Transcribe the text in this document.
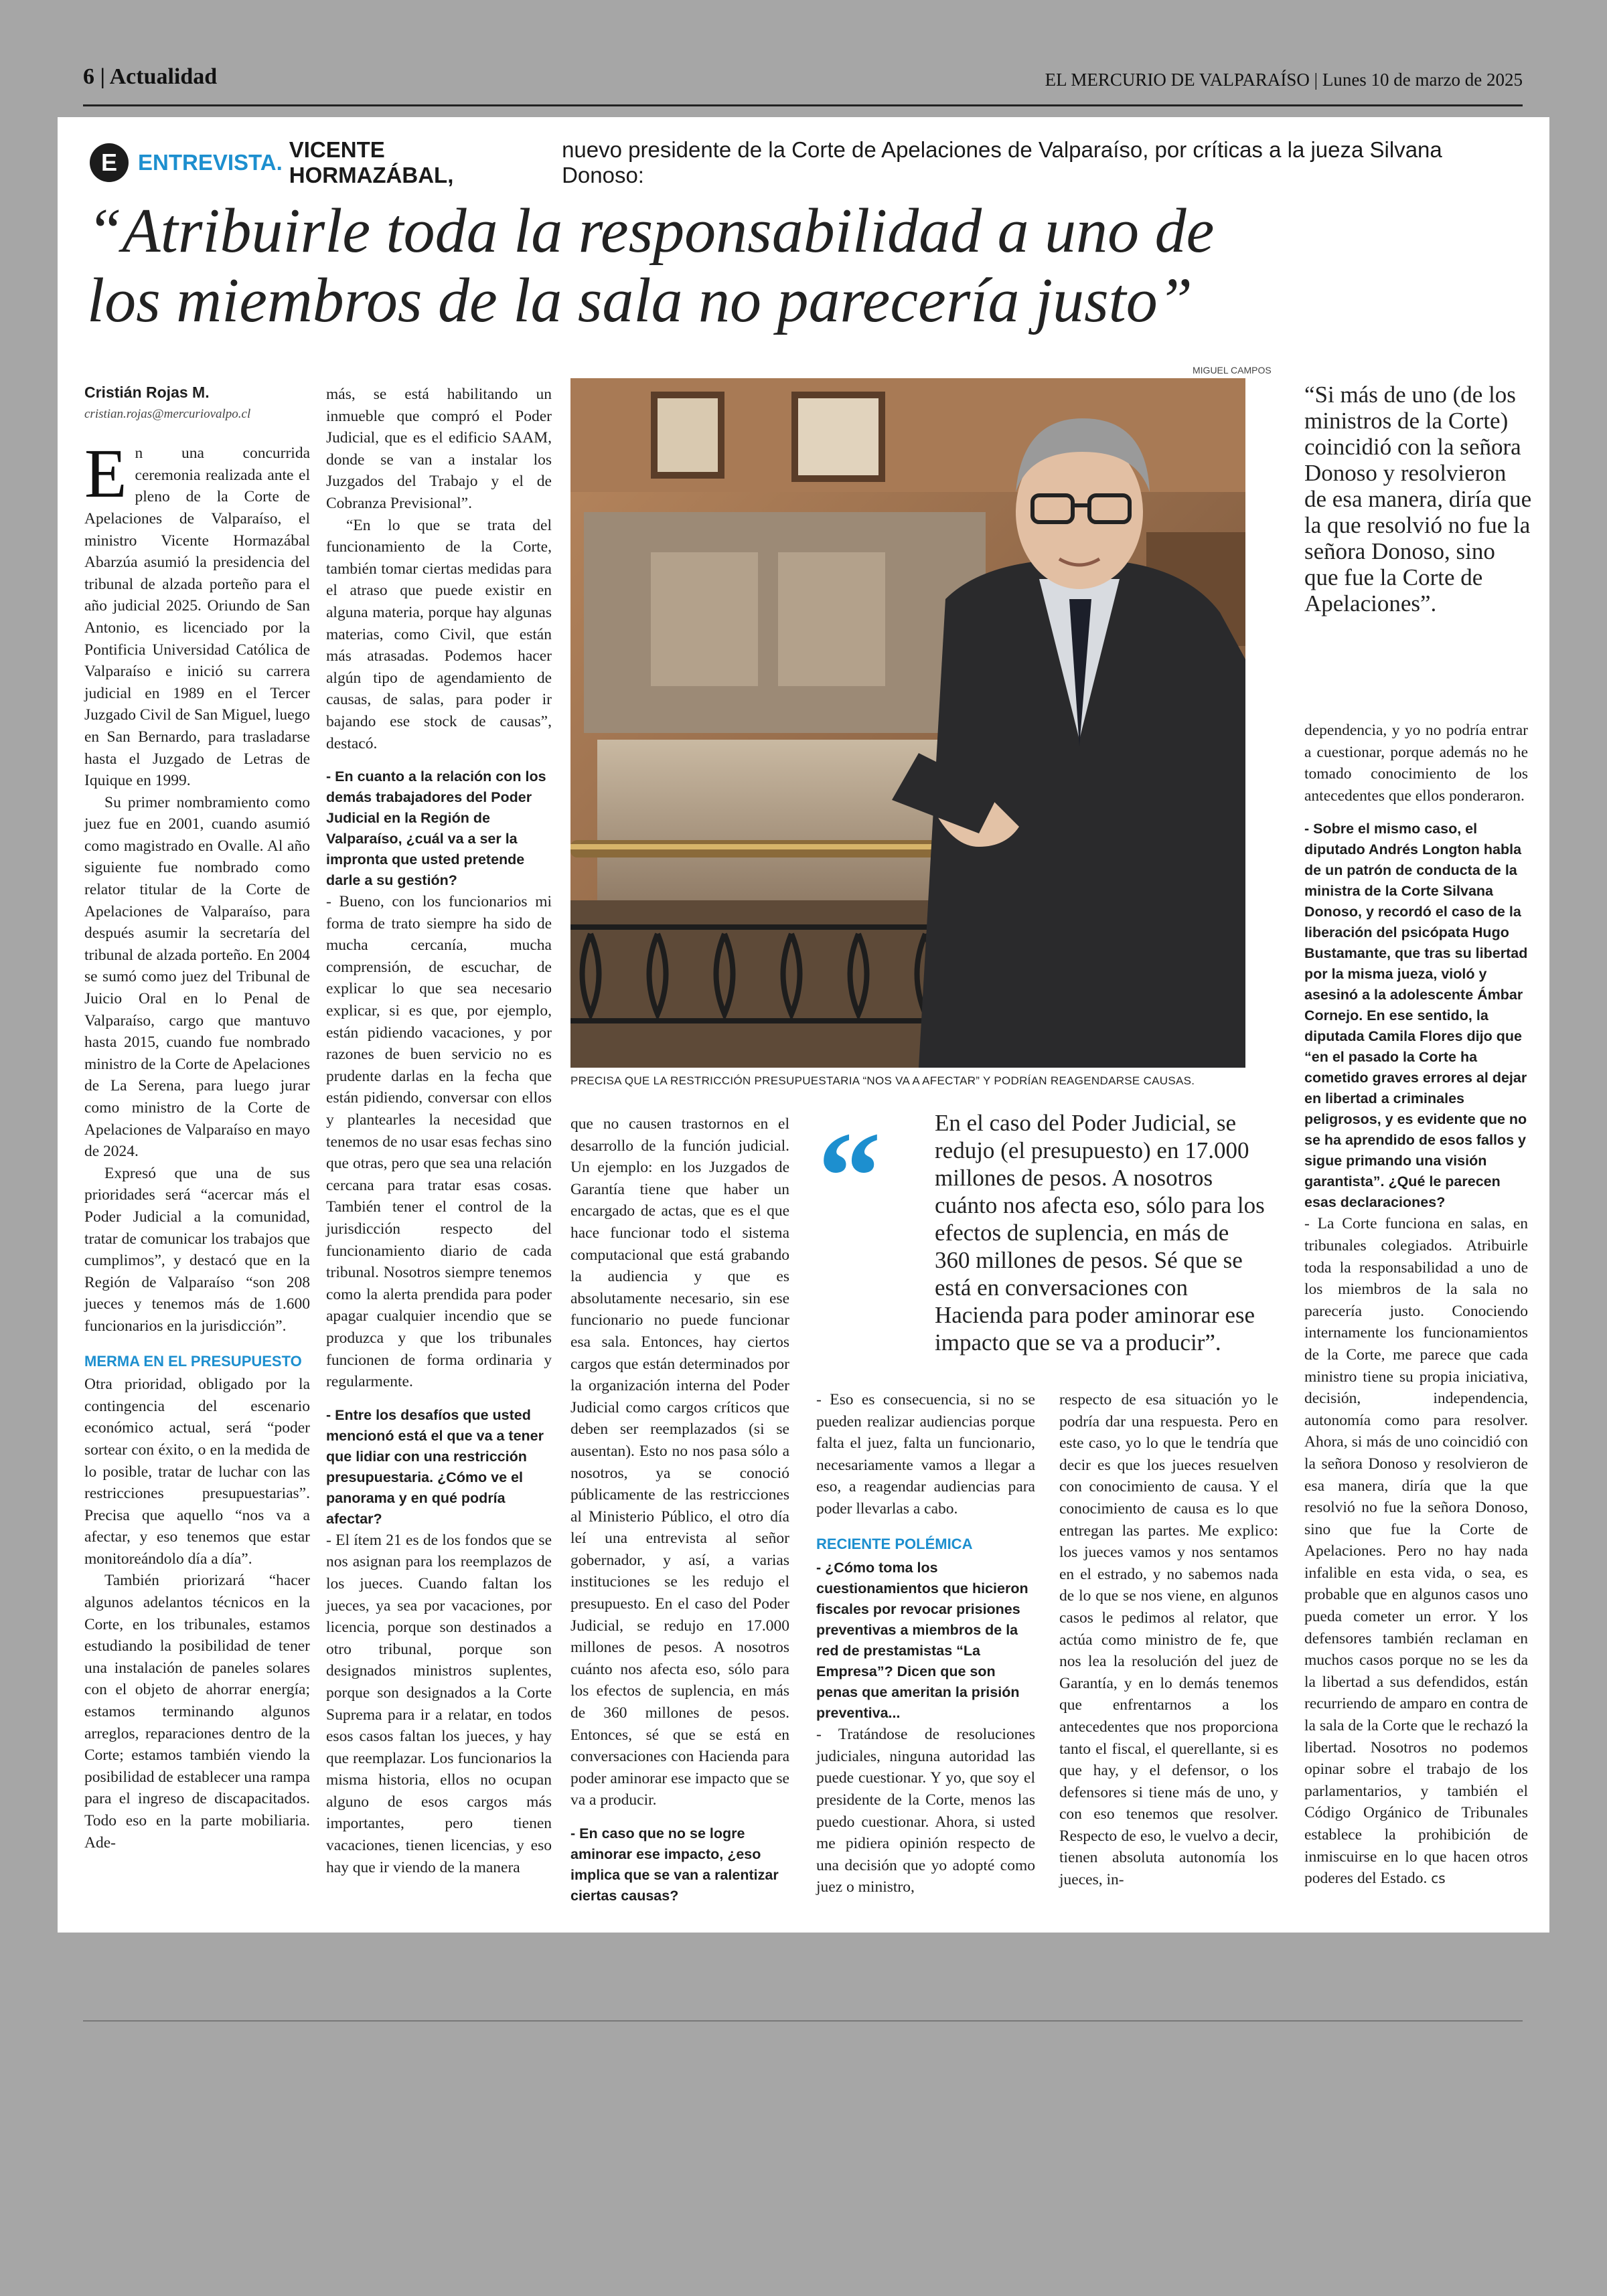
6 | Actualidad	EL MERCURIO DE VALPARAÍSO | Lunes 10 de marzo de 2025
E ENTREVISTA.
VICENTE HORMAZÁBAL,
nuevo presidente de la Corte de Apelaciones de Valparaíso, por críticas a la jueza Silvana Donoso:
“Atribuirle toda la responsabilidad a uno de
los miembros de la sala no parecería justo”
Cristián Rojas M.
cristian.rojas@mercuriovalpo.cl

En una concurrida ceremonia realizada ante el pleno de la Corte de Apelaciones de Valparaíso, el ministro Vicente Hormazábal Abarzúa asumió la presidencia del tribunal de alzada porteño para el año judicial 2025. Oriundo de San Antonio, es licenciado por la Pontificia Universidad Católica de Valparaíso e inició su carrera judicial en 1989 en el Tercer Juzgado Civil de San Miguel, luego en San Bernardo, para trasladarse hasta el Juzgado de Letras de Iquique en 1999.

Su primer nombramiento como juez fue en 2001, cuando asumió como magistrado en Ovalle. Al año siguiente fue nombrado como relator titular de la Corte de Apelaciones de Valparaíso, para después asumir la secretaría del tribunal de alzada porteño. En 2004 se sumó como juez del Tribunal de Juicio Oral en lo Penal de Valparaíso, cargo que mantuvo hasta 2015, cuando fue nombrado ministro de la Corte de Apelaciones de La Serena, para luego jurar como ministro de la Corte de Apelaciones de Valparaíso en mayo de 2024.

Expresó que una de sus prioridades será “acercar más el Poder Judicial a la comunidad, tratar de comunicar los trabajos que cumplimos”, y destacó que en la Región de Valparaíso “son 208 jueces y tenemos más de 1.600 funcionarios en la jurisdicción”.

MERMA EN EL PRESUPUESTO

Otra prioridad, obligado por la contingencia del escenario económico actual, será “poder sortear con éxito, o en la medida de lo posible, tratar de luchar con las restricciones presupuestarias”. Precisa que aquello “nos va a afectar, y eso tenemos que estar monitoreándolo día a día”.

También priorizará “hacer algunos adelantos técnicos en la Corte, en los tribunales, estamos estudiando la posibilidad de tener una instalación de paneles solares con el objeto de ahorrar energía; estamos terminando algunos arreglos, reparaciones dentro de la Corte; estamos también viendo la posibilidad de establecer una rampa para el ingreso de discapacitados. Todo eso en la parte mobiliaria. Ade-

más, se está habilitando un inmueble que compró el Poder Judicial, que es el edificio SAAM, donde se van a instalar los Juzgados del Trabajo y el de Cobranza Previsional”.

“En lo que se trata del funcionamiento de la Corte, también tomar ciertas medidas para el atraso que puede existir en alguna materia, porque hay algunas materias, como Civil, que están más atrasadas. Podemos hacer algún tipo de agendamiento de causas, de salas, para poder ir bajando ese stock de causas”, destacó.

- En cuanto a la relación con los demás trabajadores del Poder Judicial en la Región de Valparaíso, ¿cuál va a ser la impronta que usted pretende darle a su gestión?

- Bueno, con los funcionarios mi forma de trato siempre ha sido de mucha cercanía, mucha comprensión, de escuchar, de explicar lo que sea necesario explicar, si es que, por ejemplo, están pidiendo vacaciones, y por razones de buen servicio no es prudente darlas en la fecha que están pidiendo, conversar con ellos y plantearles la necesidad que tenemos de no usar esas fechas sino que otras, pero que sea una relación cercana para tratar esas cosas. También tener el control de la jurisdicción respecto del funcionamiento diario de cada tribunal. Nosotros siempre tenemos como la alerta prendida para poder apagar cualquier incendio que se produzca y que los tribunales funcionen de forma ordinaria y regularmente.

- Entre los desafíos que usted mencionó está el que va a tener que lidiar con una restricción presupuestaria. ¿Cómo ve el panorama y en qué podría afectar?

- El ítem 21 es de los fondos que se nos asignan para los reemplazos de los jueces. Cuando faltan los jueces, ya sea por vacaciones, por licencia, porque son destinados a otro tribunal, porque son designados ministros suplentes, porque son designados a la Corte Suprema para ir a relatar, en todos esos casos faltan los jueces, y hay que reemplazar. Los funcionarios la misma historia, ellos no ocupan alguno de esos cargos más importantes, pero tienen vacaciones, tienen licencias, y eso hay que ir viendo de la manera

MIGUEL CAMPOS
PRECISA QUE LA RESTRICCIÓN PRESUPUESTARIA “NOS VA A AFECTAR” Y PODRÍAN REAGENDARSE CAUSAS.
“Si más de uno (de los ministros de la Corte) coincidió con la señora Donoso y resolvieron de esa manera, diría que la que resolvió no fue la señora Donoso, sino que fue la Corte de Apelaciones”.

dependencia, y yo no podría entrar a cuestionar, porque además no he tomado conocimiento de los antecedentes que ellos ponderaron.

- Sobre el mismo caso, el diputado Andrés Longton habla de un patrón de conducta de la ministra de la Corte Silvana Donoso, y recordó el caso de la liberación del psicópata Hugo Bustamante, que tras su libertad por la misma jueza, violó y asesinó a la adolescente Ámbar Cornejo. En ese sentido, la diputada Camila Flores dijo que “en el pasado la Corte ha cometido graves errores al dejar en libertad a criminales peligrosos, y es evidente que no se ha aprendido de esos fallos y sigue primando una visión garantista”. ¿Qué le parecen esas declaraciones?

- La Corte funciona en salas, en tribunales colegiados. Atribuirle toda la responsabilidad a uno de los miembros de la sala no parecería justo. Conociendo internamente los funcionamientos de la Corte, me parece que cada ministro tiene su propia iniciativa, decisión, independencia, autonomía como para resolver. Ahora, si más de uno coincidió con la señora Donoso y resolvieron de esa manera, diría que la que resolvió no fue la señora Donoso, sino que fue la Corte de Apelaciones. Pero no hay nada infalible en esta vida, o sea, es probable que en algunos casos uno pueda cometer un error. Y los defensores también reclaman en muchos casos porque no se les da la libertad a sus defendidos, están recurriendo de amparo en contra de la sala de la Corte que le rechazó la libertad. Nosotros no podemos opinar sobre el trabajo de los parlamentarios, y también el Código Orgánico de Tribunales establece la prohibición de inmiscuirse en lo que hacen otros poderes del Estado. cs

“ En el caso del Poder Judicial, se redujo (el presupuesto) en 17.000 millones de pesos. A nosotros cuánto nos afecta eso, sólo para los efectos de suplencia, en más de 360 millones de pesos. Sé que se está en conversaciones con Hacienda para poder aminorar ese impacto que se va a producir”.

que no causen trastornos en el desarrollo de la función judicial. Un ejemplo: en los Juzgados de Garantía tiene que haber un encargado de actas, que es el que hace funcionar todo el sistema computacional que está grabando la audiencia y que es absolutamente necesario, sin ese funcionario no puede funcionar esa sala. Entonces, hay ciertos cargos que están determinados por la organización interna del Poder Judicial como cargos críticos que deben ser reemplazados (si se ausentan). Esto no nos pasa sólo a nosotros, ya se conoció públicamente de las restricciones al Ministerio Público, el otro día leí una entrevista al señor gobernador, y así, a varias instituciones se les redujo el presupuesto. En el caso del Poder Judicial, se redujo en 17.000 millones de pesos. A nosotros cuánto nos afecta eso, sólo para los efectos de suplencia, en más de 360 millones de pesos. Entonces, sé que se está en conversaciones con Hacienda para poder aminorar ese impacto que se va a producir.

- En caso que no se logre aminorar ese impacto, ¿eso implica que se van a ralentizar ciertas causas?

- Eso es consecuencia, si no se pueden realizar audiencias porque falta el juez, falta un funcionario, necesariamente vamos a llegar a eso, a reagendar audiencias para poder llevarlas a cabo.

RECIENTE POLÉMICA

- ¿Cómo toma los cuestionamientos que hicieron fiscales por revocar prisiones preventivas a miembros de la red de prestamistas “La Empresa”? Dicen que son penas que ameritan la prisión preventiva...

- Tratándose de resoluciones judiciales, ninguna autoridad las puede cuestionar. Y yo, que soy el presidente de la Corte, menos las puedo cuestionar. Ahora, si usted me pidiera opinión respecto de una decisión que yo adopté como juez o ministro,

respecto de esa situación yo le podría dar una respuesta. Pero en este caso, yo lo que le tendría que decir es que los jueces resuelven con conocimiento de causa. Y el conocimiento de causa es lo que entregan las partes. Me explico: los jueces vamos y nos sentamos en el estrado, y no sabemos nada de lo que se nos viene, en algunos casos le pedimos al relator, que actúa como ministro de fe, que nos lea la resolución del juez de Garantía, y en lo demás tenemos que enfrentarnos a los antecedentes que nos proporciona tanto el fiscal, el querellante, si es que hay, y el defensor, o los defensores si tiene más de uno, y con eso tenemos que resolver. Respecto de eso, le vuelvo a decir, tienen absoluta autonomía los jueces, in-
